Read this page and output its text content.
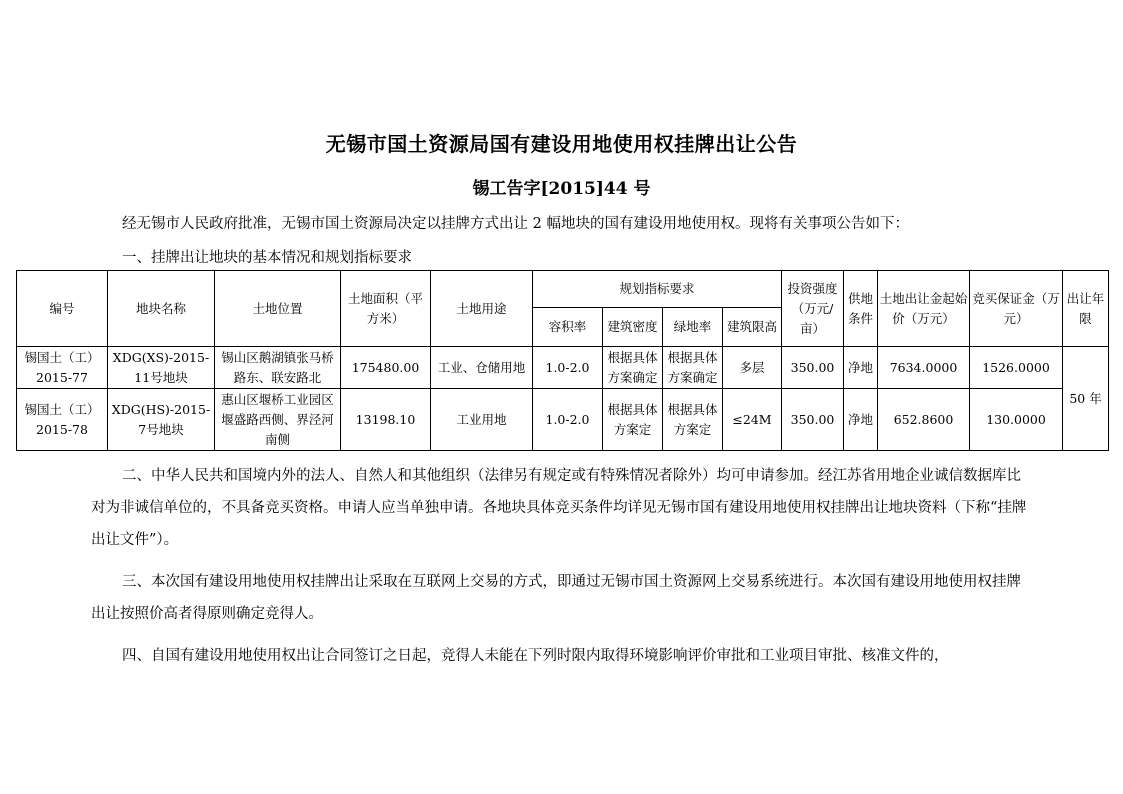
无锡市国土资源局国有建设用地使用权挂牌出让公告
锡工告字[2015]44 号
经无锡市人民政府批准，无锡市国土资源局决定以挂牌方式出让 2 幅地块的国有建设用地使用权。现将有关事项公告如下：
一、挂牌出让地块的基本情况和规划指标要求
编号	地块名称	土地位置	土地面积（平方米）	土地用途	规划指标要求				投资强度（万元/亩）	供地条件	土地出让金起始价（万元）	竞买保证金（万元）	出让年限
					容积率	建筑密度	绿地率	建筑限高					
锡国土（工）2015-77	XDG(XS)-2015-11号地块	锡山区鹅湖镇张马桥路东、联安路北	175480.00	工业、仓储用地	1.0-2.0	根据具体方案确定	根据具体方案确定	多层	350.00	净地	7634.0000	1526.0000	50 年
锡国土（工）2015-78	XDG(HS)-2015-7号地块	惠山区堰桥工业园区堰盛路西侧、界泾河南侧	13198.10	工业用地	1.0-2.0	根据具体方案定	根据具体方案定	≤24M	350.00	净地	652.8600	130.0000	
二、中华人民共和国境内外的法人、自然人和其他组织（法律另有规定或有特殊情况者除外）均可申请参加。经江苏省用地企业诚信数据库比对为非诚信单位的，不具备竞买资格。申请人应当单独申请。各地块具体竞买条件均详见无锡市国有建设用地使用权挂牌出让地块资料（下称“挂牌出让文件”）。
三、本次国有建设用地使用权挂牌出让采取在互联网上交易的方式，即通过无锡市国土资源网上交易系统进行。本次国有建设用地使用权挂牌出让按照价高者得原则确定竞得人。
四、自国有建设用地使用权出让合同签订之日起，竞得人未能在下列时限内取得环境影响评价审批和工业项目审批、核准文件的，
